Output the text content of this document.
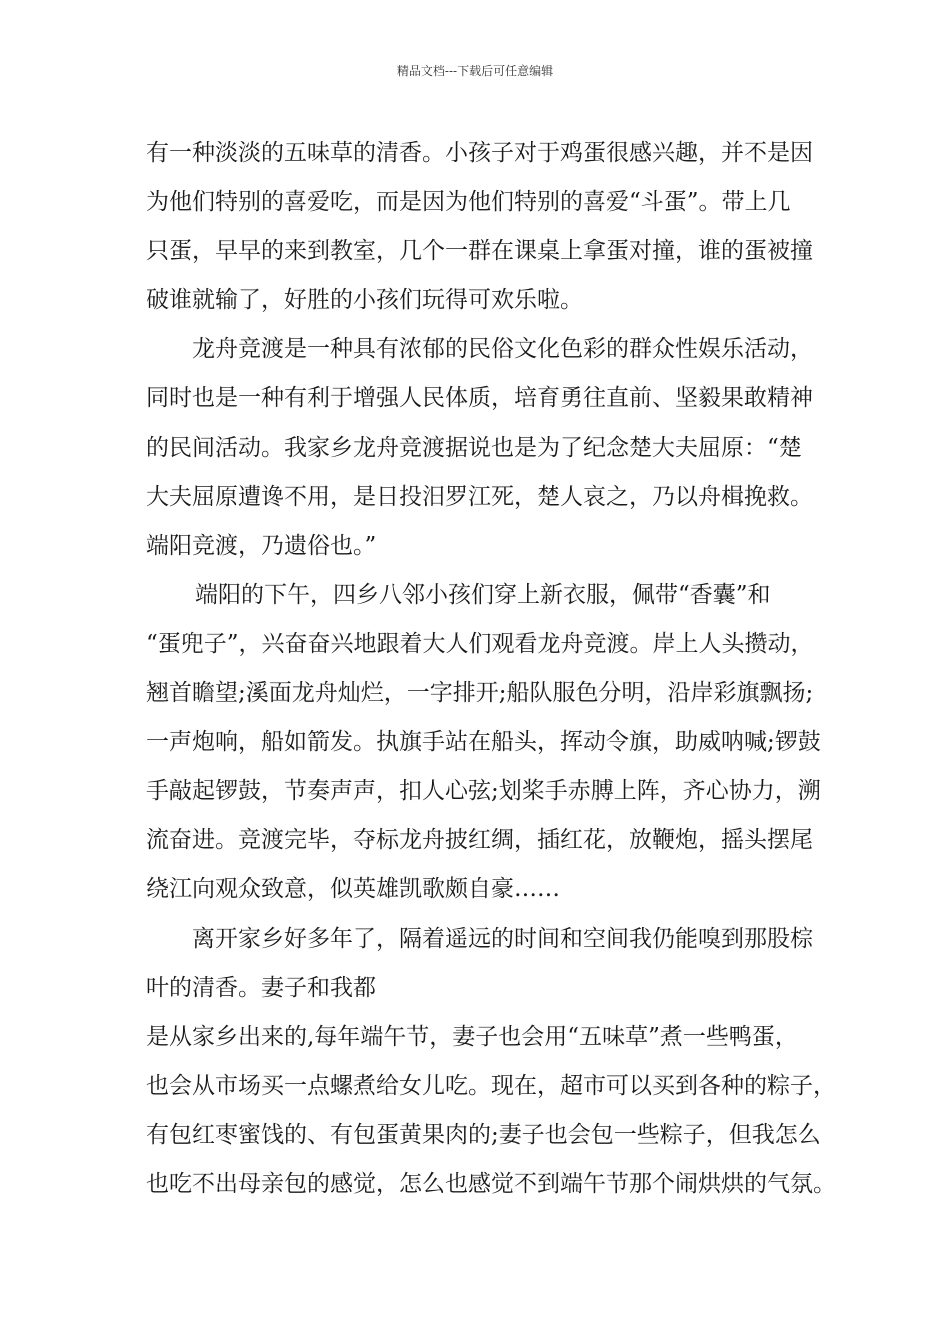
精品文档---下载后可任意编辑
有一种淡淡的五味草的清香。小孩子对于鸡蛋很感兴趣，并不是因
为他们特别的喜爱吃，而是因为他们特别的喜爱“斗蛋”。带上几
只蛋，早早的来到教室，几个一群在课桌上拿蛋对撞，谁的蛋被撞
破谁就输了，好胜的小孩们玩得可欢乐啦。
龙舟竞渡是一种具有浓郁的民俗文化色彩的群众性娱乐活动，
同时也是一种有利于增强人民体质，培育勇往直前、坚毅果敢精神
的民间活动。我家乡龙舟竞渡据说也是为了纪念楚大夫屈原：“楚
大夫屈原遭谗不用，是日投汨罗江死，楚人哀之，乃以舟楫挽救。
端阳竞渡，乃遗俗也。”
端阳的下午，四乡八邻小孩们穿上新衣服，佩带“香囊”和
“蛋兜子”，兴奋奋兴地跟着大人们观看龙舟竞渡。岸上人头攒动，
翘首瞻望;溪面龙舟灿烂，一字排开;船队服色分明，沿岸彩旗飘扬;
一声炮响，船如箭发。执旗手站在船头，挥动令旗，助威呐喊;锣鼓
手敲起锣鼓，节奏声声，扣人心弦;划桨手赤膊上阵，齐心协力，溯
流奋进。竞渡完毕，夺标龙舟披红绸，插红花，放鞭炮，摇头摆尾
绕江向观众致意，似英雄凯歌颇自豪……
离开家乡好多年了，隔着遥远的时间和空间我仍能嗅到那股棕
叶的清香。妻子和我都
是从家乡出来的,每年端午节，妻子也会用“五味草”煮一些鸭蛋，
也会从市场买一点螺煮给女儿吃。现在，超市可以买到各种的粽子，
有包红枣蜜饯的、有包蛋黄果肉的;妻子也会包一些粽子，但我怎么
也吃不出母亲包的感觉，怎么也感觉不到端午节那个闹烘烘的气氛。
